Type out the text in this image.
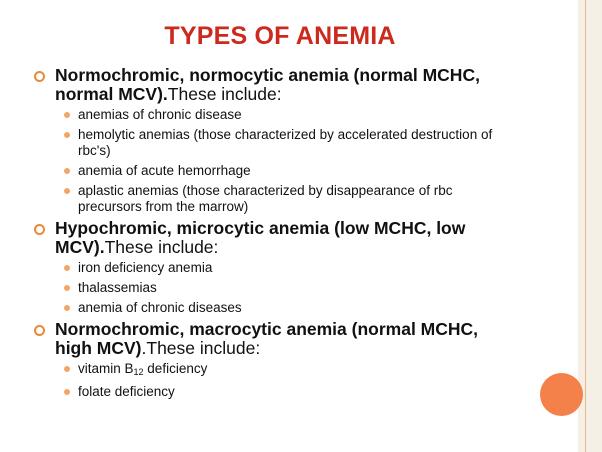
TYPES OF ANEMIA
Normochromic, normocytic anemia (normal MCHC, normal MCV).These include:
anemias of chronic disease
hemolytic anemias (those characterized by accelerated destruction of rbc's)
anemia of acute hemorrhage
aplastic anemias (those characterized by disappearance of rbc precursors from the marrow)
Hypochromic, microcytic anemia (low MCHC, low MCV).These include:
iron deficiency anemia
thalassemias
anemia of chronic diseases
Normochromic, macrocytic anemia (normal MCHC, high MCV).These include:
vitamin $B_{12}$ deficiency
folate deficiency
